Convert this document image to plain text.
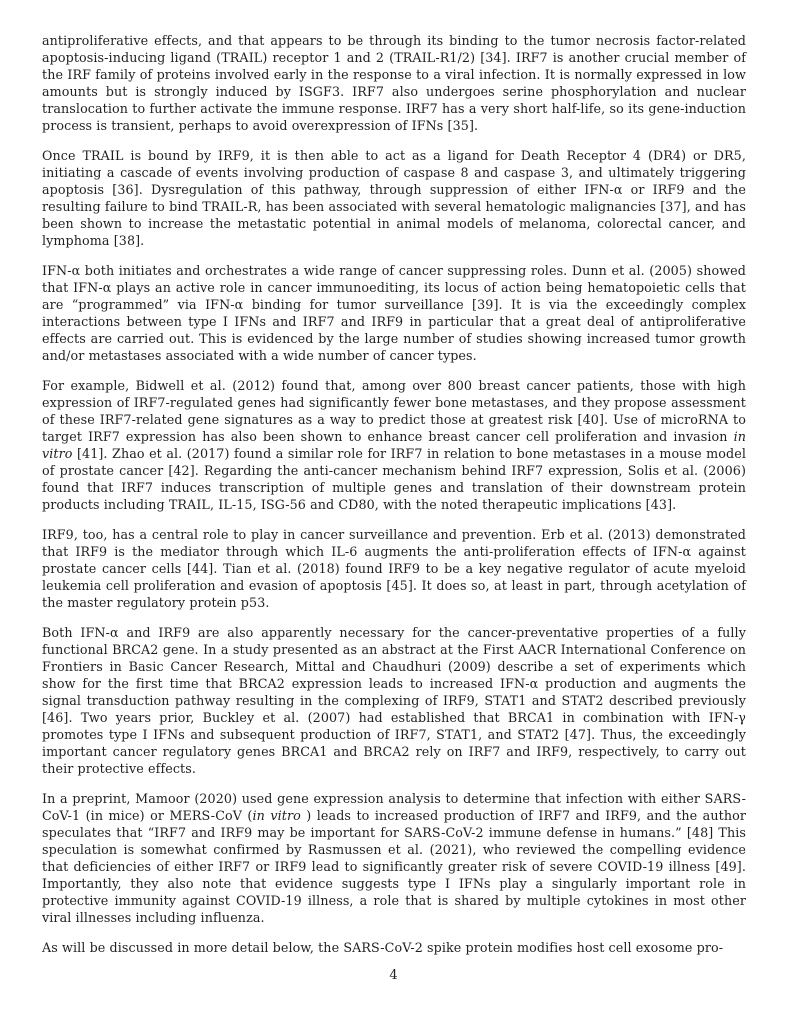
antiproliferative effects, and that appears to be through its binding to the tumor necrosis factor-related apoptosis-inducing ligand (TRAIL) receptor 1 and 2 (TRAIL-R1/2) [34]. IRF7 is another crucial member of the IRF family of proteins involved early in the response to a viral infection. It is normally expressed in low amounts but is strongly induced by ISGF3. IRF7 also undergoes serine phosphorylation and nuclear translocation to further activate the immune response. IRF7 has a very short half-life, so its gene-induction process is transient, perhaps to avoid overexpression of IFNs [35].

Once TRAIL is bound by IRF9, it is then able to act as a ligand for Death Receptor 4 (DR4) or DR5, initiating a cascade of events involving production of caspase 8 and caspase 3, and ultimately triggering apoptosis [36]. Dysregulation of this pathway, through suppression of either IFN-α or IRF9 and the resulting failure to bind TRAIL-R, has been associated with several hematologic malignancies [37], and has been shown to increase the metastatic potential in animal models of melanoma, colorectal cancer, and lymphoma [38].

IFN-α both initiates and orchestrates a wide range of cancer suppressing roles. Dunn et al. (2005) showed that IFN-α plays an active role in cancer immunoediting, its locus of action being hematopoietic cells that are “programmed” via IFN-α binding for tumor surveillance [39]. It is via the exceedingly complex interactions between type I IFNs and IRF7 and IRF9 in particular that a great deal of antiproliferative effects are carried out. This is evidenced by the large number of studies showing increased tumor growth and/or metastases associated with a wide number of cancer types.

For example, Bidwell et al. (2012) found that, among over 800 breast cancer patients, those with high expression of IRF7-regulated genes had significantly fewer bone metastases, and they propose assessment of these IRF7-related gene signatures as a way to predict those at greatest risk [40]. Use of microRNA to target IRF7 expression has also been shown to enhance breast cancer cell proliferation and invasion in vitro [41]. Zhao et al. (2017) found a similar role for IRF7 in relation to bone metastases in a mouse model of prostate cancer [42]. Regarding the anti-cancer mechanism behind IRF7 expression, Solis et al. (2006) found that IRF7 induces transcription of multiple genes and translation of their downstream protein products including TRAIL, IL-15, ISG-56 and CD80, with the noted therapeutic implications [43].

IRF9, too, has a central role to play in cancer surveillance and prevention. Erb et al. (2013) demonstrated that IRF9 is the mediator through which IL-6 augments the anti-proliferation effects of IFN-α against prostate cancer cells [44]. Tian et al. (2018) found IRF9 to be a key negative regulator of acute myeloid leukemia cell proliferation and evasion of apoptosis [45]. It does so, at least in part, through acetylation of the master regulatory protein p53.

Both IFN-α and IRF9 are also apparently necessary for the cancer-preventative properties of a fully functional BRCA2 gene. In a study presented as an abstract at the First AACR International Conference on Frontiers in Basic Cancer Research, Mittal and Chaudhuri (2009) describe a set of experiments which show for the first time that BRCA2 expression leads to increased IFN-α production and augments the signal transduction pathway resulting in the complexing of IRF9, STAT1 and STAT2 described previously [46]. Two years prior, Buckley et al. (2007) had established that BRCA1 in combination with IFN-γ promotes type I IFNs and subsequent production of IRF7, STAT1, and STAT2 [47]. Thus, the exceedingly important cancer regulatory genes BRCA1 and BRCA2 rely on IRF7 and IRF9, respectively, to carry out their protective effects.

In a preprint, Mamoor (2020) used gene expression analysis to determine that infection with either SARS-CoV-1 (in mice) or MERS-CoV (in vitro ) leads to increased production of IRF7 and IRF9, and the author speculates that “IRF7 and IRF9 may be important for SARS-CoV-2 immune defense in humans.” [48] This speculation is somewhat confirmed by Rasmussen et al. (2021), who reviewed the compelling evidence that deficiencies of either IRF7 or IRF9 lead to significantly greater risk of severe COVID-19 illness [49]. Importantly, they also note that evidence suggests type I IFNs play a singularly important role in protective immunity against COVID-19 illness, a role that is shared by multiple cytokines in most other viral illnesses including influenza.

As will be discussed in more detail below, the SARS-CoV-2 spike protein modifies host cell exosome pro-

4
